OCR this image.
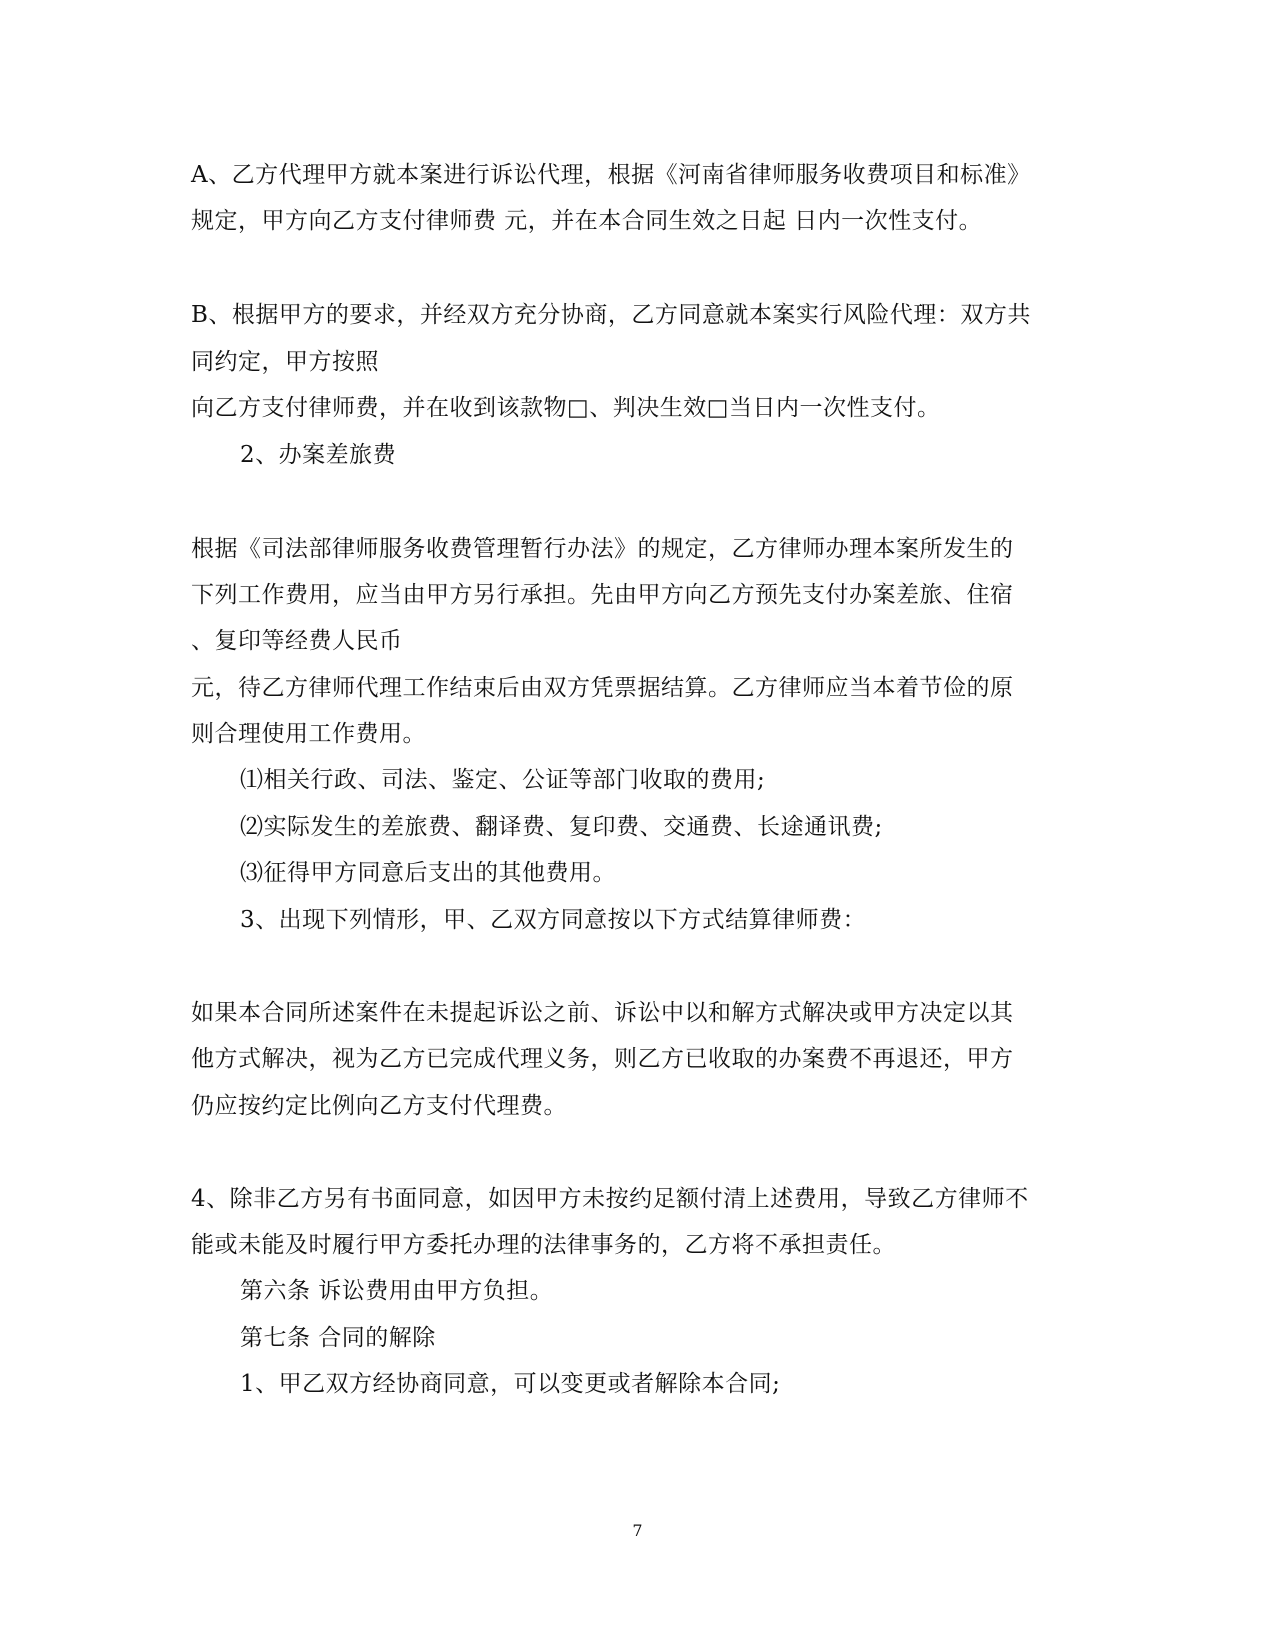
A、乙方代理甲方就本案进行诉讼代理，根据《河南省律师服务收费项目和标准》
规定，甲方向乙方支付律师费 元，并在本合同生效之日起 日内一次性支付。
B、根据甲方的要求，并经双方充分协商，乙方同意就本案实行风险代理：双方共
同约定，甲方按照
向乙方支付律师费，并在收到该款物□、判决生效□当日内一次性支付。
2、办案差旅费
根据《司法部律师服务收费管理暂行办法》的规定，乙方律师办理本案所发生的
下列工作费用，应当由甲方另行承担。先由甲方向乙方预先支付办案差旅、住宿
、复印等经费人民币
元，待乙方律师代理工作结束后由双方凭票据结算。乙方律师应当本着节俭的原
则合理使用工作费用。
⑴相关行政、司法、鉴定、公证等部门收取的费用;
⑵实际发生的差旅费、翻译费、复印费、交通费、长途通讯费;
⑶征得甲方同意后支出的其他费用。
3、出现下列情形，甲、乙双方同意按以下方式结算律师费：
如果本合同所述案件在未提起诉讼之前、诉讼中以和解方式解决或甲方决定以其
他方式解决，视为乙方已完成代理义务，则乙方已收取的办案费不再退还，甲方
仍应按约定比例向乙方支付代理费。
4、除非乙方另有书面同意，如因甲方未按约足额付清上述费用，导致乙方律师不
能或未能及时履行甲方委托办理的法律事务的，乙方将不承担责任。
第六条 诉讼费用由甲方负担。
第七条 合同的解除
1、甲乙双方经协商同意，可以变更或者解除本合同;
7
